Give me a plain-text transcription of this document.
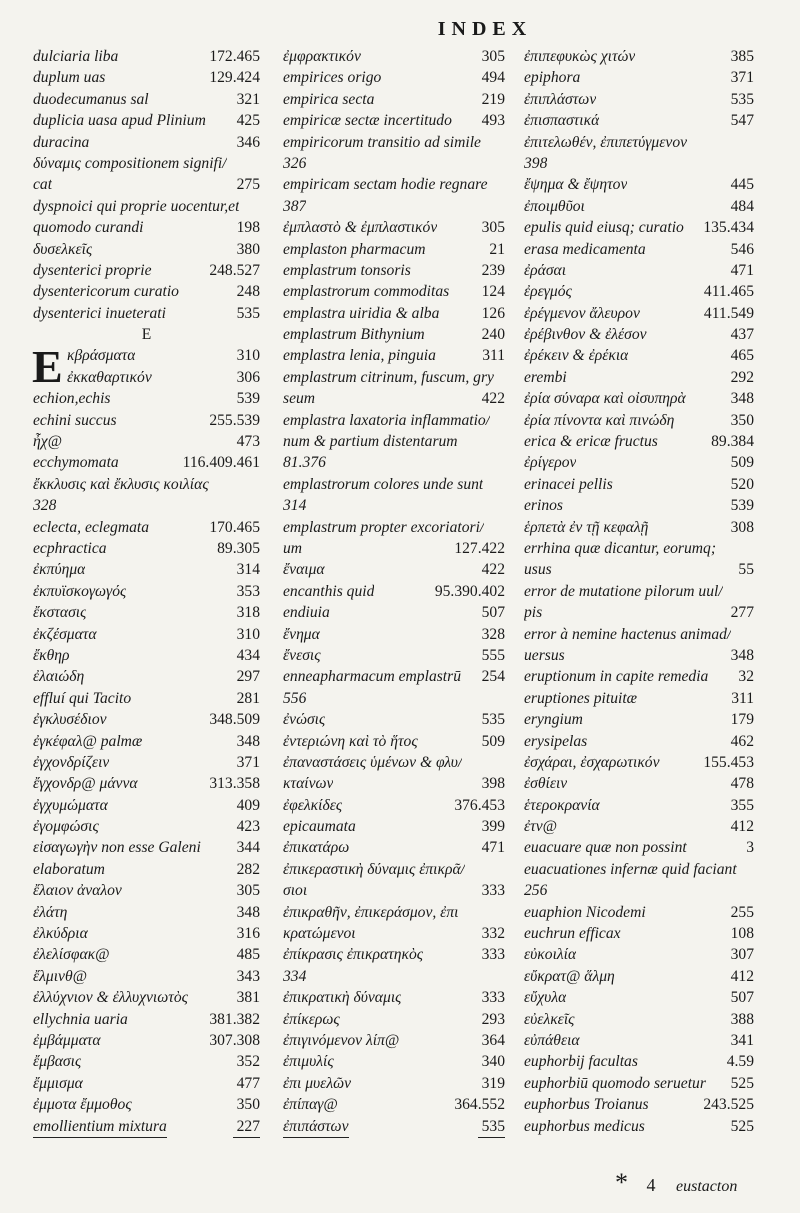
INDEX
dulciaria liba	172.465
duplum uas	129.424
duodecumanus sal	321
duplicia uasa apud Plinium 425
duracina	346
δύναμις compositionem signifi/
cat	275
dyspnoici qui proprie uocentur,et
quomodo curandi	198
δυσελκεῖς	380
dysenterici proprie	248.527
dysentericorum curatio	248
dysenterici inueterati	535
E
E κβράσματα	310
ἐκκαθαρτικόν	306
echion,echis	539
echini succus	255.539
ἦχ@	473
ecchymomata	116.409.461
ἔκκλυσις καὶ ἔκλυσις κοιλίας
328
eclecta, eclegmata	170.465
ecphractica	89.305
ἐκπύημα	314
ἐκπυϊσκογωγός	353
ἔκστασις	318
ἐκζέσματα	310
ἔκθηρ	434
ἐλαιώδη	297
effluí qui Tacito	281
ἐγκλυσέδιον	348.509
ἐγκέφαλ@ palmæ	348
ἐγχονδρίζειν	371
ἔγχονδρ@ μάννα	313.358
ἐγχυμώματα	409
ἐγομφώσις	423
εἰσαγωγὴν non esse Galeni 344
elaboratum	282
ἔλαιον ἀναλον	305
ἐλάτη	348
ἐλκύδρια	316
ἐλελίσφακ@	485
ἔλμινθ@	343
ἐλλύχνιον & ἐλλυχνιωτὸς	381
ellychnia uaria	381.382
ἐμβάμματα	307.308
ἔμβασις	352
ἔμμισμα	477
ἐμμοτα ἔμμοθος	350
emollientium mixtura	227
ἐμφρακτικόν	305
empirices origo	494
empirica secta	219
empiricæ sectæ incertitudo 493
empiricorum transitio ad simile
326
empiricam sectam hodie regnare
387
ἐμπλαστὸ & ἐμπλαστικόν	305
emplaston pharmacum	21
emplastrum tonsoris	239
emplastrorum commoditas 124
emplastra uiridia & alba	126
emplastrum Bithynium	240
emplastra lenia, pinguia	311
emplastrum citrinum, fuscum, gry
seum	422
emplastra laxatoria inflammatio/
num & partium distentarum
81.376
emplastrorum colores unde sunt
314
emplastrum propter excoriatori/
um	127.422
ἔναιμα	422
encanthis quid	95.390.402
endiuia	507
ἔνημα	328
ἔνεσις	555
enneapharmacum emplastrū 254
556
ἐνώσις	535
ἐντεριώνη καὶ τὸ ἥτος	509
ἐπαναστάσεις ὑμένων & φλυ/
κταίνων	398
ἐφελκίδες	376.453
epicaumata	399
ἐπικατάρω	471
ἐπικεραστικὴ δύναμις ἐπικρᾶ/
σιοι	333
ἐπικραθῆν, ἐπικεράσμον, ἐπι
κρατώμενοι	332
ἐπίκρασις ἐπικρατηκὸς	333
334
ἐπικρατικὴ δύναμις	333
ἐπίκερως	293
ἐπιγινόμενον λίπ@	364
ἐπιμυλίς	340
ἐπι μυελῶν	319
ἐπίπαγ@	364.552
ἐπιπάστων	535
ἐπιπεφυκὼς χιτών	385
epiphora	371
ἐπιπλάστων	535
ἐπισπαστικά	547
ἐπιτελωθέν, ἐπιπετύγμενον
398
ἔψημα & ἔψητον	445
ἐποιμθῦοι	484
epulis quid eiusq; curatio 135.434
erasa medicamenta	546
ἐράσαι	471
ἐρεγμός	411.465
ἐρέγμενον ἄλευρον	411.549
ἐρέβινθον & ἐλέσον	437
ἐρέκειν & ἐρέκια	465
erembi	292
ἐρία σύναρα καὶ οἰσυπηρὰ	348
ἐρία πίνοντα καὶ πινώδη	350
erica & ericæ fructus	89.384
ἐρίγερον	509
erinacei pellis	520
erinos	539
ἑρπετὰ ἐν τῇ κεφαλῇ	308
errhina quæ dicantur, eorumq;
usus	55
error de mutatione pilorum uul/
pis	277
error à nemine hactenus animad/
uersus	348
eruptionum in capite remedia 32
eruptiones pituitæ	311
eryngium	179
erysipelas	462
ἐσχάραι, ἐσχαρωτικόν	155.453
ἐσθίειν	478
ἑτεροκρανία	355
ἐτν@	412
euacuare quæ non possint	3
euacuationes infernæ quid faciant
256
euaphion Nicodemi	255
euchrun efficax	108
εὐκοιλία	307
εὔκρατ@ ἅλμη	412
εὔχυλα	507
εὐελκεῖς	388
εὐπάθεια	341
euphorbij facultas	4.59
euphorbiū quomodo seruetur 525
euphorbus Troianus	243.525
euphorbus medicus	525
* 4 eustacton
